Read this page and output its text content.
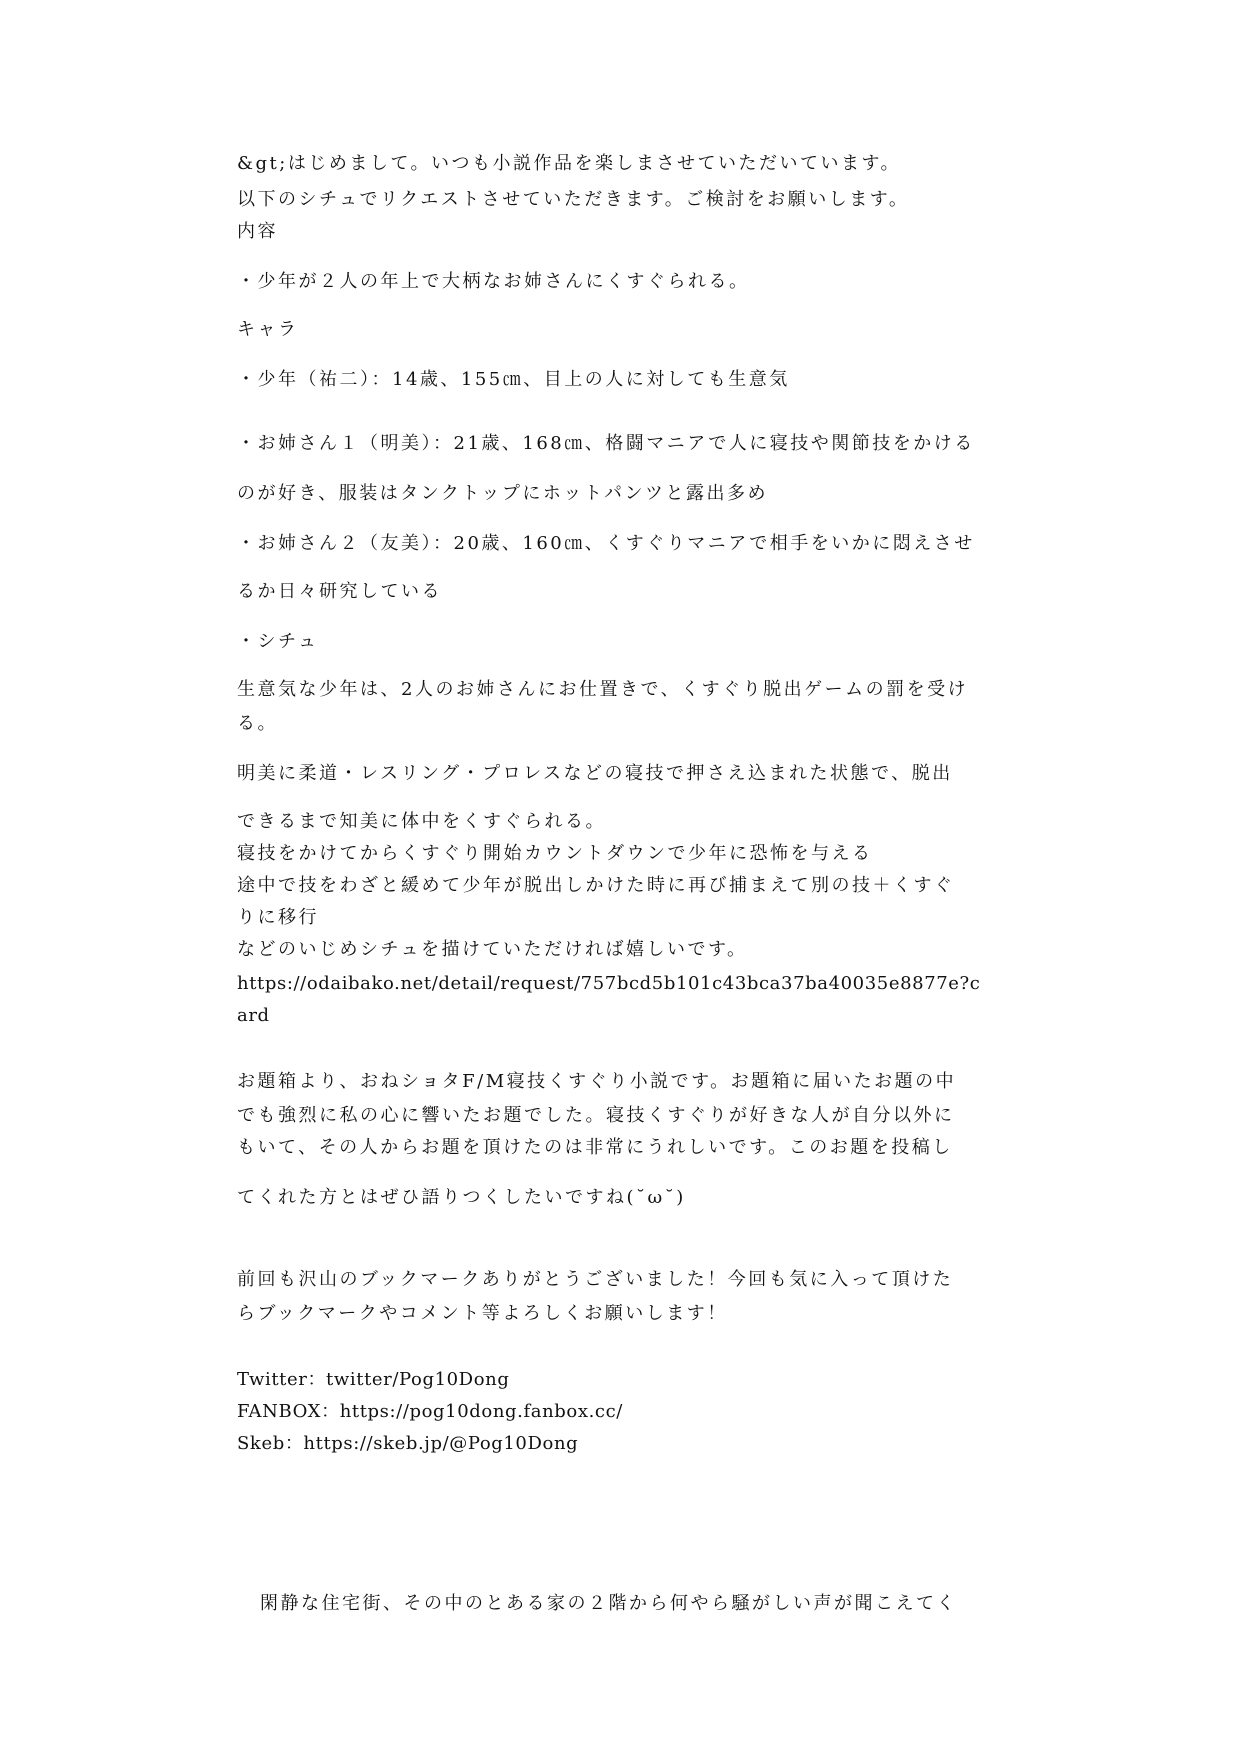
&gt;はじめまして。いつも小説作品を楽しまさせていただいています。
以下のシチュでリクエストさせていただきます。ご検討をお願いします。
内容
・少年が２人の年上で大柄なお姉さんにくすぐられる。
キャラ
・少年（祐二）：14歳、155㎝、目上の人に対しても生意気
・お姉さん１（明美）：21歳、168㎝、格闘マニアで人に寝技や関節技をかける
のが好き、服装はタンクトップにホットパンツと露出多め
・お姉さん２（友美）：20歳、160㎝、くすぐりマニアで相手をいかに悶えさせ
るか日々研究している
・シチュ
生意気な少年は、2人のお姉さんにお仕置きで、くすぐり脱出ゲームの罰を受け
る。
明美に柔道・レスリング・プロレスなどの寝技で押さえ込まれた状態で、脱出
できるまで知美に体中をくすぐられる。
寝技をかけてからくすぐり開始カウントダウンで少年に恐怖を与える
途中で技をわざと緩めて少年が脱出しかけた時に再び捕まえて別の技＋くすぐ
りに移行
などのいじめシチュを描けていただければ嬉しいです。
https://odaibako.net/detail/request/757bcd5b101c43bca37ba40035e8877e?c
ard
お題箱より、おねショタF/M寝技くすぐり小説です。お題箱に届いたお題の中
でも強烈に私の心に響いたお題でした。寝技くすぐりが好きな人が自分以外に
もいて、その人からお題を頂けたのは非常にうれしいです。このお題を投稿し
てくれた方とはぜひ語りつくしたいですね(˘ω˘)
前回も沢山のブックマークありがとうございました！今回も気に入って頂けた
らブックマークやコメント等よろしくお願いします！
Twitter：twitter/Pog10Dong
FANBOX：https://pog10dong.fanbox.cc/
Skeb：https://skeb.jp/@Pog10Dong
閑静な住宅街、その中のとある家の２階から何やら騒がしい声が聞こえてく
